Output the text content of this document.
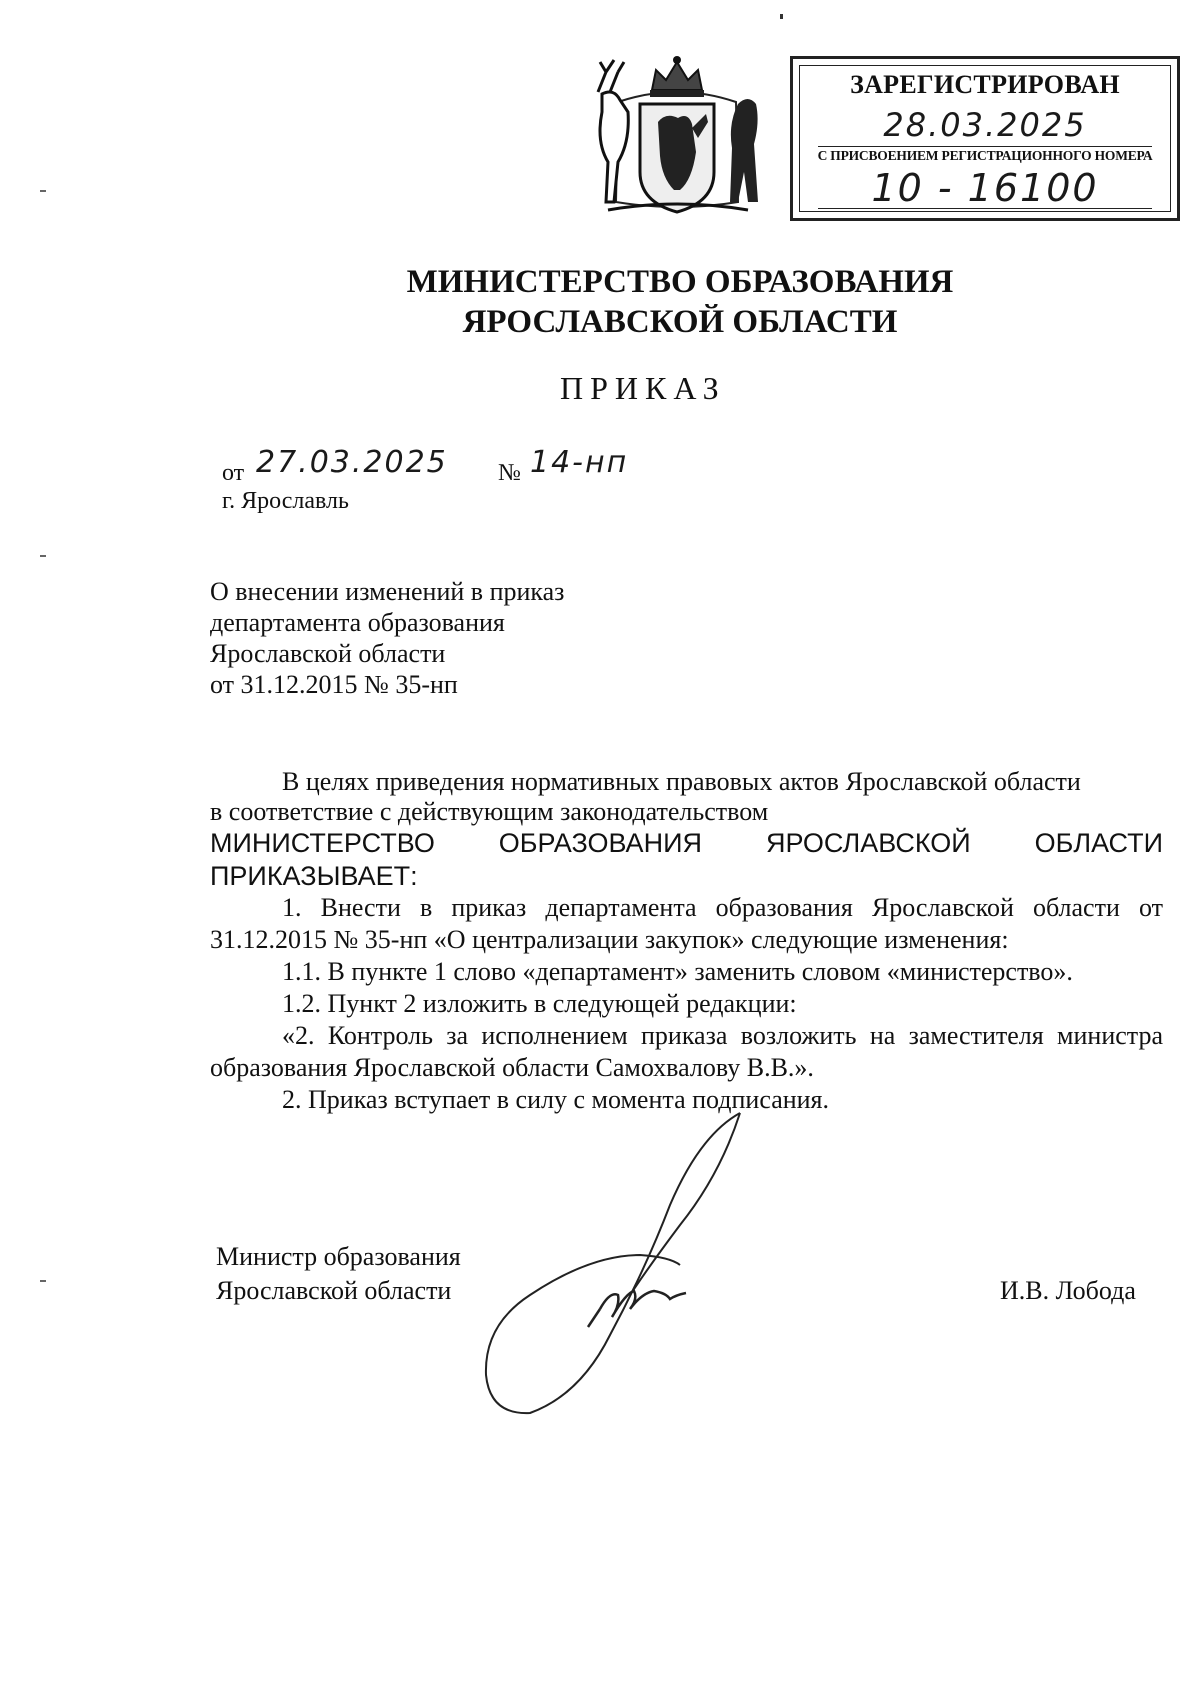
ЗАРЕГИСТРИРОВАН
28.03.2025
С ПРИСВОЕНИЕМ РЕГИСТРАЦИОННОГО НОМЕРА
10 - 16100
МИНИСТЕРСТВО ОБРАЗОВАНИЯ
ЯРОСЛАВСКОЙ ОБЛАСТИ
ПРИКАЗ
от 27.03.2025 № 14-нп
г. Ярославль
О внесении изменений в приказ
департамента образования
Ярославской области
от 31.12.2015 № 35-нп
В целях приведения нормативных правовых актов Ярославской области
в соответствие с действующим законодательством
МИНИСТЕРСТВО ОБРАЗОВАНИЯ ЯРОСЛАВСКОЙ ОБЛАСТИ
ПРИКАЗЫВАЕТ:
1. Внести в приказ департамента образования Ярославской области от 31.12.2015 № 35-нп «О централизации закупок» следующие изменения:
1.1. В пункте 1 слово «департамент» заменить словом «министерство».
1.2. Пункт 2 изложить в следующей редакции:
«2. Контроль за исполнением приказа возложить на заместителя министра образования Ярославской области Самохвалову В.В.».
2. Приказ вступает в силу с момента подписания.
Министр образования
Ярославской области	И.В. Лобода
